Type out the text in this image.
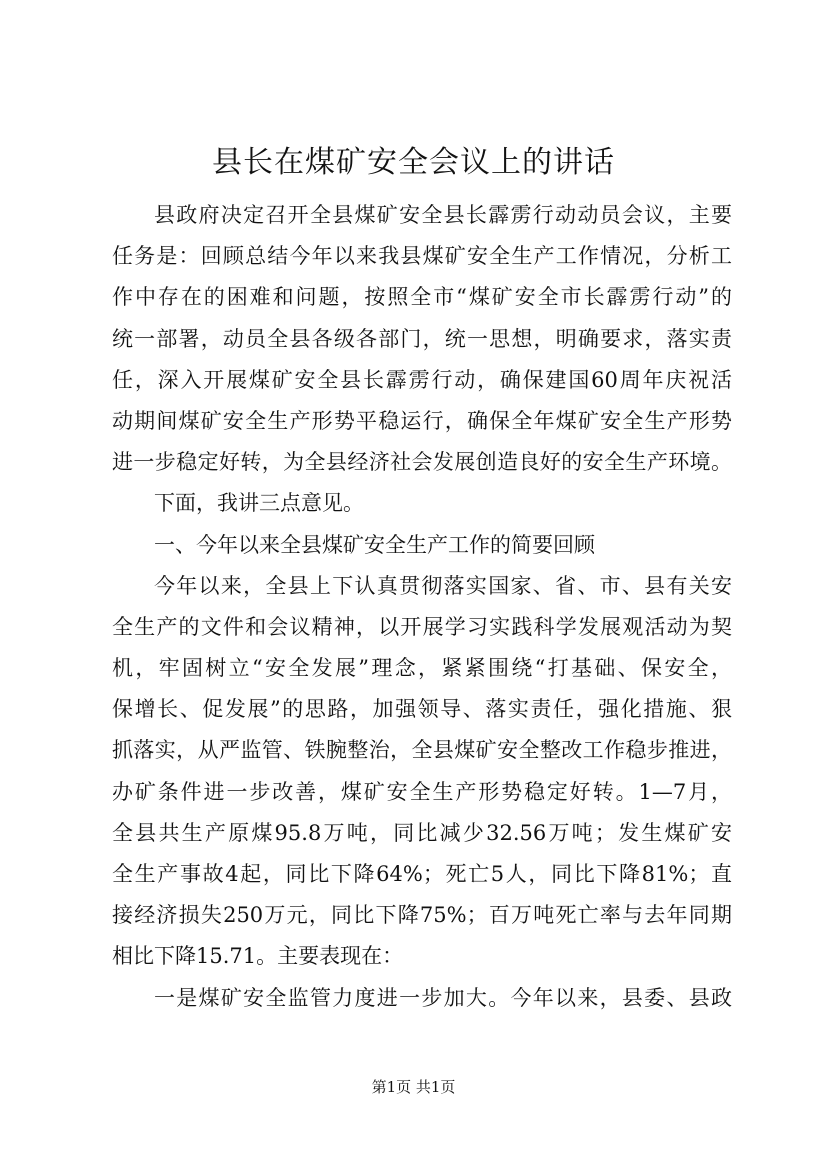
县长在煤矿安全会议上的讲话
县政府决定召开全县煤矿安全县长霹雳行动动员会议，主要
任务是：回顾总结今年以来我县煤矿安全生产工作情况，分析工
作中存在的困难和问题，按照全市“煤矿安全市长霹雳行动”的
统一部署，动员全县各级各部门，统一思想，明确要求，落实责
任，深入开展煤矿安全县长霹雳行动，确保建国60周年庆祝活
动期间煤矿安全生产形势平稳运行，确保全年煤矿安全生产形势
进一步稳定好转，为全县经济社会发展创造良好的安全生产环境。
下面，我讲三点意见。
一、今年以来全县煤矿安全生产工作的简要回顾
今年以来，全县上下认真贯彻落实国家、省、市、县有关安
全生产的文件和会议精神，以开展学习实践科学发展观活动为契
机，牢固树立“安全发展”理念，紧紧围绕“打基础、保安全，
保增长、促发展”的思路，加强领导、落实责任，强化措施、狠
抓落实，从严监管、铁腕整治，全县煤矿安全整改工作稳步推进，
办矿条件进一步改善，煤矿安全生产形势稳定好转。1—7月，
全县共生产原煤95.8万吨，同比减少32.56万吨；发生煤矿安
全生产事故4起，同比下降64%；死亡5人，同比下降81%；直
接经济损失250万元，同比下降75%；百万吨死亡率与去年同期
相比下降15.71。主要表现在：
一是煤矿安全监管力度进一步加大。今年以来，县委、县政
第1页 共1页
